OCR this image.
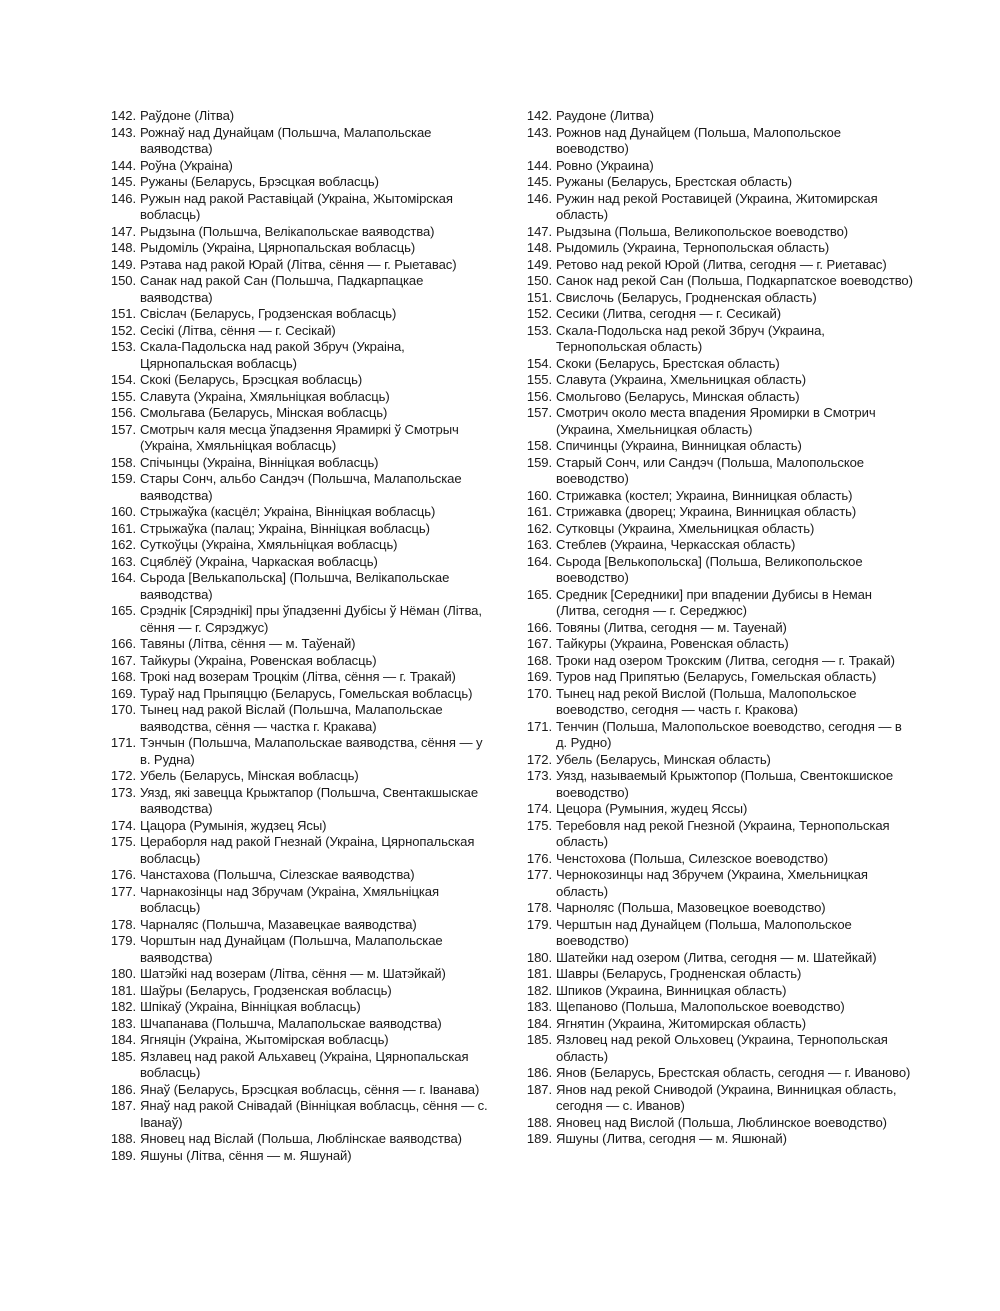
142. Раўдоне (Літва)
143. Рожнаў над Дунайцам (Польшча, Малапольскае ваяводства)
144. Роўна (Украіна)
145. Ружаны (Беларусь, Брэсцкая вобласць)
146. Ружын над ракой Раставіцай (Украіна, Жытомірская вобласць)
147. Рыдзына (Польшча, Велікапольскае ваяводства)
148. Рыдоміль (Украіна, Цярнопальская вобласць)
149. Рэтава над ракой Юрай (Літва, сёння — г. Рыетавас)
150. Санак над ракой Сан (Польшча, Падкарпацкае ваяводства)
151. Свіслач (Беларусь, Гродзенская вобласць)
152. Сесікі (Літва, сёння — г. Сесікай)
153. Скала-Падольска над ракой Збруч (Украіна, Цярнопальская вобласць)
154. Скокі (Беларусь, Брэсцкая вобласць)
155. Славута (Украіна, Хмяльніцкая вобласць)
156. Смольгава (Беларусь, Мінская вобласць)
157. Смотрыч каля месца ўпадзення Ярамиркі ў Смотрыч (Украіна, Хмяльніцкая вобласць)
158. Спічынцы (Украіна, Вінніцкая вобласць)
159. Стары Сонч, альбо Сандэч (Польшча, Малапольскае ваяводства)
160. Стрыжаўка (касцёл; Украіна, Вінніцкая вобласць)
161. Стрыжаўка (палац; Украіна, Вінніцкая вобласць)
162. Суткоўцы (Украіна, Хмяльніцкая вобласць)
163. Сцяблёў (Украіна, Чаркаская вобласць)
164. Сьрода [Велькапольска] (Польшча, Велікапольскае ваяводства)
165. Срэднік [Сярэднікі] пры ўпадзенні Дубісы ў Нёман (Літва, сёння — г. Сярэджус)
166. Тавяны (Літва, сёння — м. Таўенай)
167. Тайкуры (Украіна, Ровенская вобласць)
168. Трокі над возерам Троцкім (Літва, сёння — г. Тракай)
169. Тураў над Прыпяццю (Беларусь, Гомельская вобласць)
170. Тынец над ракой Віслай (Польшча, Малапольскае ваяводства, сёння — частка г. Кракава)
171. Тэнчын (Польшча, Малапольскае ваяводства, сёння — у в. Рудна)
172. Убель (Беларусь, Мінская вобласць)
173. Уязд, які завецца Крыжтапор (Польшча, Свентакшыскае ваяводства)
174. Цацора (Румынія, жудзец Ясы)
175. Цераборля над ракой Гнезнай (Украіна, Цярнопальская вобласць)
176. Чанстахова (Польшча, Сілезскае ваяводства)
177. Чарнакозінцы над Збручам (Украіна, Хмяльніцкая вобласць)
178. Чарналяс (Польшча, Мазавецкае ваяводства)
179. Чорштын над Дунайцам (Польшча, Малапольскае ваяводства)
180. Шатэйкі над возерам (Літва, сёння — м. Шатэйкай)
181. Шаўры (Беларусь, Гродзенская вобласць)
182. Шпікаў (Украіна, Вінніцкая вобласць)
183. Шчапанава (Польшча, Малапольскае ваяводства)
184. Ягняцін (Украіна, Жытомірская вобласць)
185. Язлавец над ракой Альхавец (Украіна, Цярнопальская вобласць)
186. Янаў (Беларусь, Брэсцкая вобласць, сёння — г. Іванава)
187. Янаў над ракой Снівадай (Вінніцкая вобласць, сёння — с. Іванаў)
188. Яновец над Віслай (Польша, Люблінскае ваяводства)
189. Яшуны (Літва, сёння — м. Яшунай)
142. Раудоне (Литва)
143. Рожнов над Дунайцем (Польша, Малопольское воеводство)
144. Ровно (Украина)
145. Ружаны (Беларусь, Брестская область)
146. Ружин над рекой Роставицей (Украина, Житомирская область)
147. Рыдзына (Польша, Великопольское воеводство)
148. Рыдомиль (Украина, Тернопольская область)
149. Ретово над рекой Юрой (Литва, сегодня — г. Риетавас)
150. Санок над рекой Сан (Польша, Подкарпатское воеводство)
151. Свислочь (Беларусь, Гродненская область)
152. Сесики (Литва, сегодня — г. Сесикай)
153. Скала-Подольска над рекой Збруч (Украина, Тернопольская область)
154. Скоки (Беларусь, Брестская область)
155. Славута (Украина, Хмельницкая область)
156. Смольгово (Беларусь, Минская область)
157. Смотрич около места впадения Яромирки в Смотрич (Украина, Хмельницкая область)
158. Спичинцы (Украина, Винницкая область)
159. Старый Сонч, или Сандэч (Польша, Малопольское воеводство)
160. Стрижавка (костел; Украина, Винницкая область)
161. Стрижавка (дворец; Украина, Винницкая область)
162. Сутковцы (Украина, Хмельницкая область)
163. Стеблев (Украина, Черкасская область)
164. Сьрода [Велькопольска] (Польша, Великопольское воеводство)
165. Средник [Середники] при впадении Дубисы в Неман (Литва, сегодня — г. Середжюс)
166. Товяны (Литва, сегодня — м. Тауенай)
167. Тайкуры (Украина, Ровенская область)
168. Троки над озером Трокским (Литва, сегодня — г. Тракай)
169. Туров над Припятью (Беларусь, Гомельская область)
170. Тынец над рекой Вислой (Польша, Малопольское воеводство, сегодня — часть г. Кракова)
171. Тенчин (Польша, Малопольское воеводство, сегодня — в д. Рудно)
172. Убель (Беларусь, Минская область)
173. Уязд, называемый Крыжтопор (Польша, Свентокшиское воеводство)
174. Цецора (Румыния, жудец Яссы)
175. Теребовля над рекой Гнезной (Украина, Тернопольская область)
176. Ченстохова (Польша, Силезское воеводство)
177. Чернокозинцы над Збручем (Украина, Хмельницкая область)
178. Чарноляс (Польша, Мазовецкое воеводство)
179. Черштын над Дунайцем (Польша, Малопольское воеводство)
180. Шатейки над озером (Литва, сегодня — м. Шатейкай)
181. Шавры (Беларусь, Гродненская область)
182. Шпиков (Украина, Винницкая область)
183. Щепаново (Польша, Малопольское воеводство)
184. Ягнятин (Украина, Житомирская область)
185. Язловец над рекой Ольховец (Украина, Тернопольская область)
186. Янов (Беларусь, Брестская область, сегодня — г. Иваново)
187. Янов над рекой Сниводой (Украина, Винницкая область, сегодня — с. Иванов)
188. Яновец над Вислой (Польша, Люблинское воеводство)
189. Яшуны (Литва, сегодня — м. Яшюнай)
